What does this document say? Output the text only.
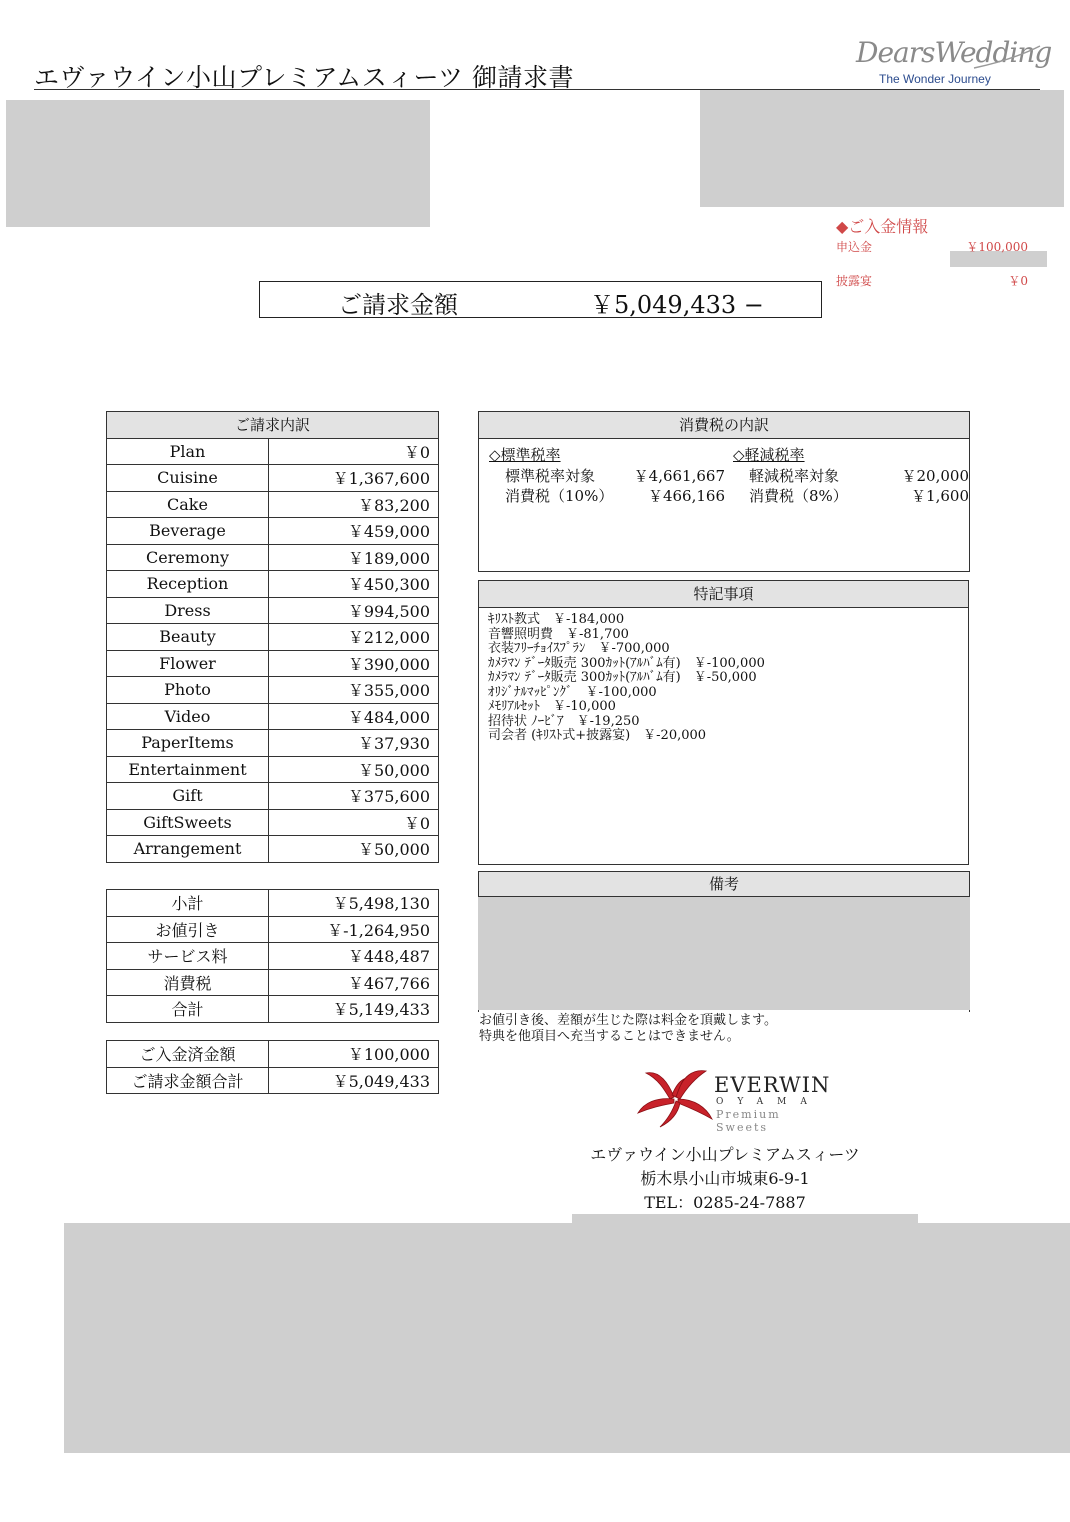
エヴァウイン小山プレミアムスィーツ 御請求書
DearsWedding
The Wonder Journey
◆ご入金情報
申込金	￥100,000
披露宴	￥0
ご請求金額	￥5,049,433 −
ご請求内訳	
Plan	￥0
Cuisine	￥1,367,600
Cake	￥83,200
Beverage	￥459,000
Ceremony	￥189,000
Reception	￥450,300
Dress	￥994,500
Beauty	￥212,000
Flower	￥390,000
Photo	￥355,000
Video	￥484,000
PaperItems	￥37,930
Entertainment	￥50,000
Gift	￥375,600
GiftSweets	￥0
Arrangement	￥50,000
小計	￥5,498,130
お値引き	￥-1,264,950
サービス料	￥448,487
消費税	￥467,766
合計	￥5,149,433
ご入金済金額	￥100,000
ご請求金額合計	￥5,049,433
消費税の内訳
◇標準税率
標準税率対象	￥4,661,667
消費税（10%） ￥466,166
◇軽減税率
軽減税率対象	￥20,000
消費税（8%）	￥1,600
特記事項
ｷﾘｽﾄ教式　￥-184,000
音響照明費　￥-81,700
衣装ﾌﾘｰﾁｮｲｽﾌﾟﾗﾝ　￥-700,000
ｶﾒﾗﾏﾝ ﾃﾞｰﾀ販売 300ｶｯﾄ(ｱﾙﾊﾞﾑ有)　￥-100,000
ｶﾒﾗﾏﾝ ﾃﾞｰﾀ販売 300ｶｯﾄ(ｱﾙﾊﾞﾑ有)　￥-50,000
ｵﾘｼﾞﾅﾙﾏｯﾋﾟﾝｸﾞ　￥-100,000
ﾒﾓﾘｱﾙｾｯﾄ　￥-10,000
招待状 ﾉｰﾋﾞｱ　￥-19,250
司会者 (ｷﾘｽﾄ式+披露宴)　￥-20,000
備考
お値引き後、差額が生じた際は料金を頂戴します。
特典を他項目へ充当することはできません。
EVERWIN
OYAMA
Premium Sweets
エヴァウイン小山プレミアムスィーツ
栃木県小山市城東6-9-1
TEL：0285-24-7887
